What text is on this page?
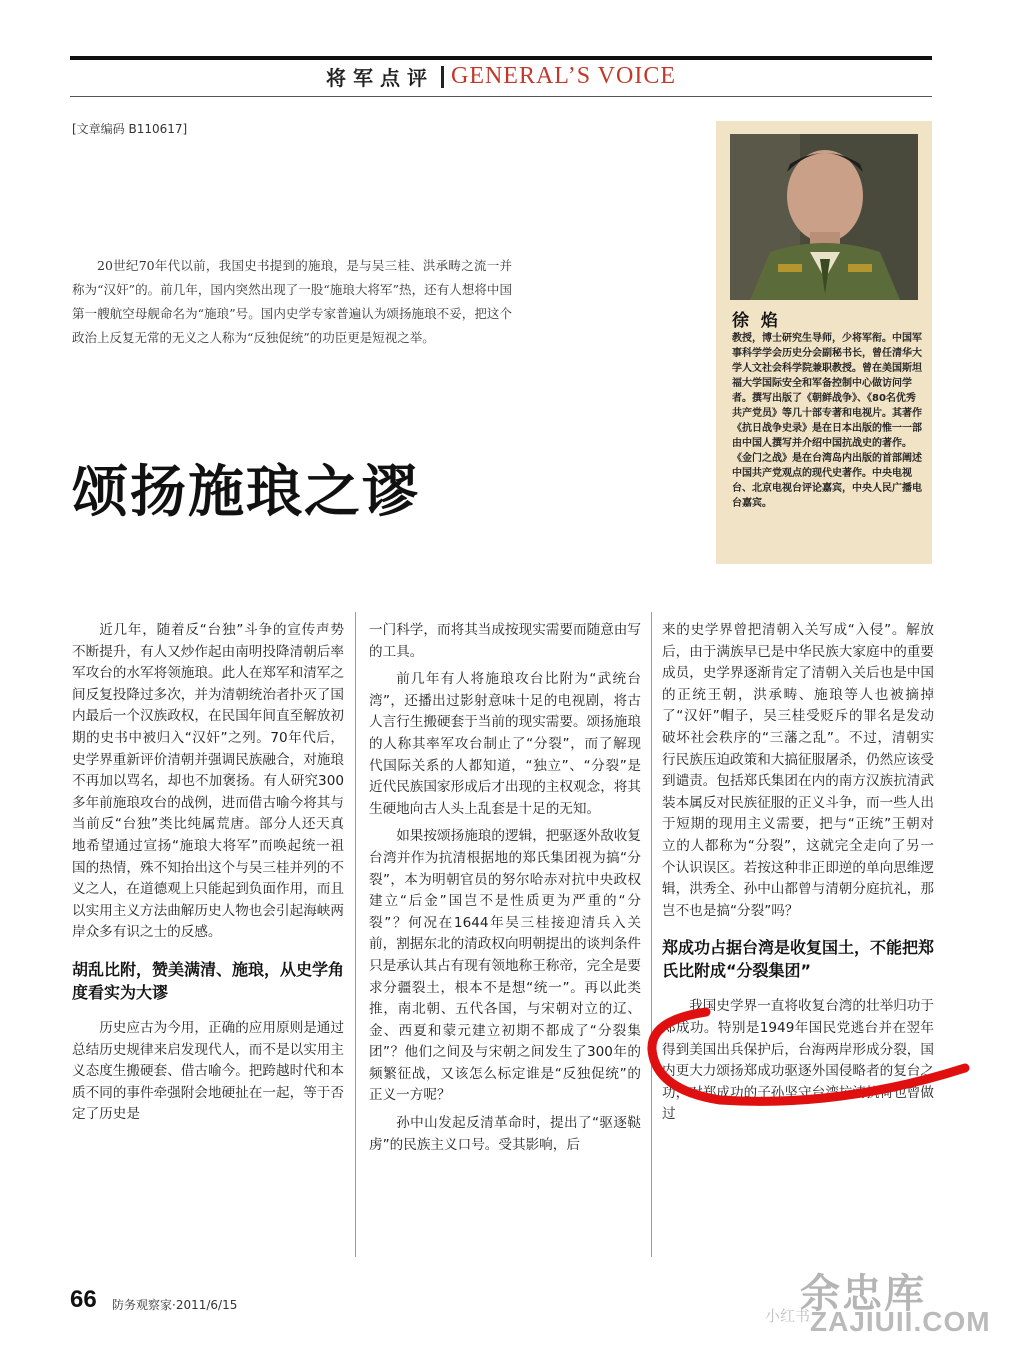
将军点评 GENERAL’S VOICE
[文章编码 B110617]
20世纪70年代以前，我国史书提到的施琅，是与吴三桂、洪承畴之流一并称为“汉奸”的。前几年，国内突然出现了一股“施琅大将军”热，还有人想将中国第一艘航空母舰命名为“施琅”号。国内史学专家普遍认为颂扬施琅不妥，把这个政治上反复无常的无义之人称为“反独促统”的功臣更是短视之举。
颂扬施琅之谬
徐 焰
教授，博士研究生导师，少将军衔。中国军事科学学会历史分会副秘书长，曾任清华大学人文社会科学院兼职教授。曾在美国斯坦福大学国际安全和军备控制中心做访问学者。撰写出版了《朝鲜战争》、《80名优秀共产党员》等几十部专著和电视片。其著作《抗日战争史录》是在日本出版的惟一一部由中国人撰写并介绍中国抗战史的著作。《金门之战》是在台湾岛内出版的首部阐述中国共产党观点的现代史著作。中央电视台、北京电视台评论嘉宾，中央人民广播电台嘉宾。

近几年，随着反“台独”斗争的宣传声势不断提升，有人又炒作起由南明投降清朝后率军攻台的水军将领施琅。此人在郑军和清军之间反复投降过多次，并为清朝统治者扑灭了国内最后一个汉族政权，在民国年间直至解放初期的史书中被归入“汉奸”之列。70年代后，史学界重新评价清朝并强调民族融合，对施琅不再加以骂名，却也不加褒扬。有人研究300多年前施琅攻台的战例，进而借古喻今将其与当前反“台独”类比纯属荒唐。部分人还天真地希望通过宣扬“施琅大将军”而唤起统一祖国的热情，殊不知抬出这个与吴三桂并列的不义之人，在道德观上只能起到负面作用，而且以实用主义方法曲解历史人物也会引起海峡两岸众多有识之士的反感。

胡乱比附，赞美满清、施琅，从史学角度看实为大谬

历史应古为今用，正确的应用原则是通过总结历史规律来启发现代人，而不是以实用主义态度生搬硬套、借古喻今。把跨越时代和本质不同的事件牵强附会地硬扯在一起，等于否定了历史是

一门科学，而将其当成按现实需要而随意由写的工具。

前几年有人将施琅攻台比附为“武统台湾”，还播出过影射意味十足的电视剧，将古人言行生搬硬套于当前的现实需要。颂扬施琅的人称其率军攻台制止了“分裂”，而了解现代国际关系的人都知道，“独立”、“分裂”是近代民族国家形成后才出现的主权观念，将其生硬地向古人头上乱套是十足的无知。

如果按颂扬施琅的逻辑，把驱逐外敌收复台湾并作为抗清根据地的郑氏集团视为搞“分裂”，本为明朝官员的努尔哈赤对抗中央政权建立“后金”国岂不是性质更为严重的“分裂”？何况在1644年吴三桂接迎清兵入关前，割据东北的清政权向明朝提出的谈判条件只是承认其占有现有领地称王称帝，完全是要求分疆裂土，根本不是想“统一”。再以此类推，南北朝、五代各国，与宋朝对立的辽、金、西夏和蒙元建立初期不都成了“分裂集团”？他们之间及与宋朝之间发生了300年的频繁征战，又该怎么标定谁是“反独促统”的正义一方呢？

孙中山发起反清革命时，提出了“驱逐鞑虏”的民族主义口号。受其影响，后

来的史学界曾把清朝入关写成“入侵”。解放后，由于满族早已是中华民族大家庭中的重要成员，史学界逐渐肯定了清朝入关后也是中国的正统王朝，洪承畴、施琅等人也被摘掉了“汉奸”帽子，吴三桂受贬斥的罪名是发动破坏社会秩序的“三藩之乱”。不过，清朝实行民族压迫政策和大搞征服屠杀，仍然应该受到谴责。包括郑氏集团在内的南方汉族抗清武装本属反对民族征服的正义斗争，而一些人出于短期的现用主义需要，把与“正统”王朝对立的人都称为“分裂”，这就完全走向了另一个认识误区。若按这种非正即逆的单向思维逻辑，洪秀全、孙中山都曾与清朝分庭抗礼，那岂不也是搞“分裂”吗？

郑成功占据台湾是收复国土，不能把郑氏比附成“分裂集团”

我国史学界一直将收复台湾的壮举归功于郑成功。特别是1949年国民党逃台并在翌年得到美国出兵保护后，台海两岸形成分裂，国内更大力颂扬郑成功驱逐外国侵略者的复台之功，对郑成功的子孙坚守台湾抗清抗荷也曾做过

66 防务观察家·2011/6/15	余忠库
小红书 ZAJIUII.COM
